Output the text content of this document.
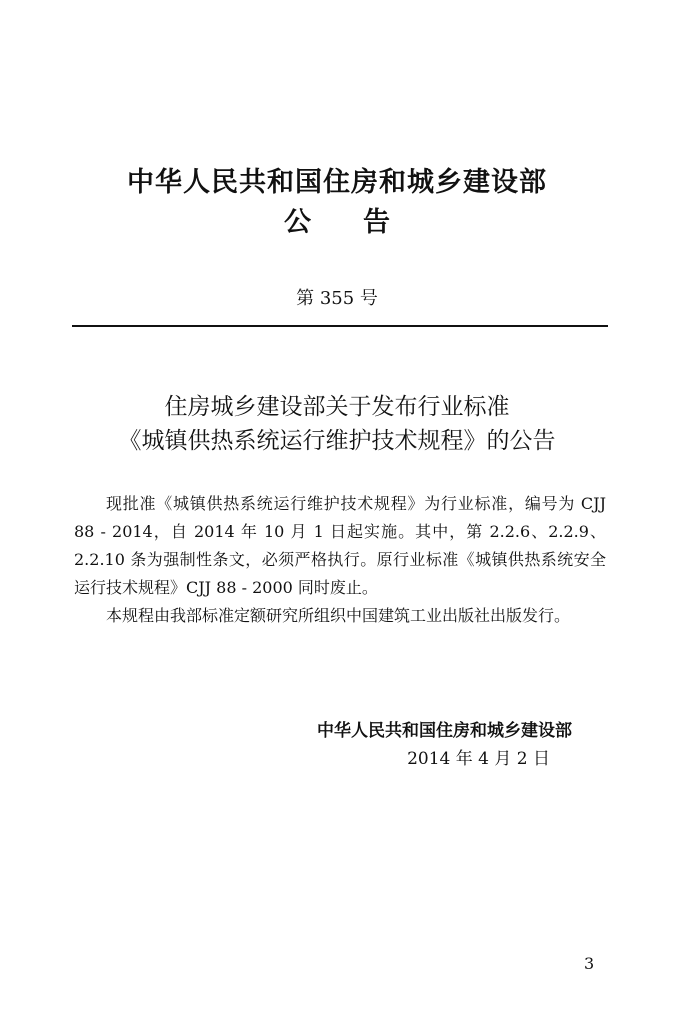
中华人民共和国住房和城乡建设部
公 告
第 355 号
住房城乡建设部关于发布行业标准
《城镇供热系统运行维护技术规程》的公告

现批准《城镇供热系统运行维护技术规程》为行业标准，编号为 CJJ 88 - 2014，自 2014 年 10 月 1 日起实施。其中，第 2.2.6、2.2.9、2.2.10 条为强制性条文，必须严格执行。原行业标准《城镇供热系统安全运行技术规程》CJJ 88 - 2000 同时废止。

本规程由我部标准定额研究所组织中国建筑工业出版社出版发行。

中华人民共和国住房和城乡建设部
2014 年 4 月 2 日
3
